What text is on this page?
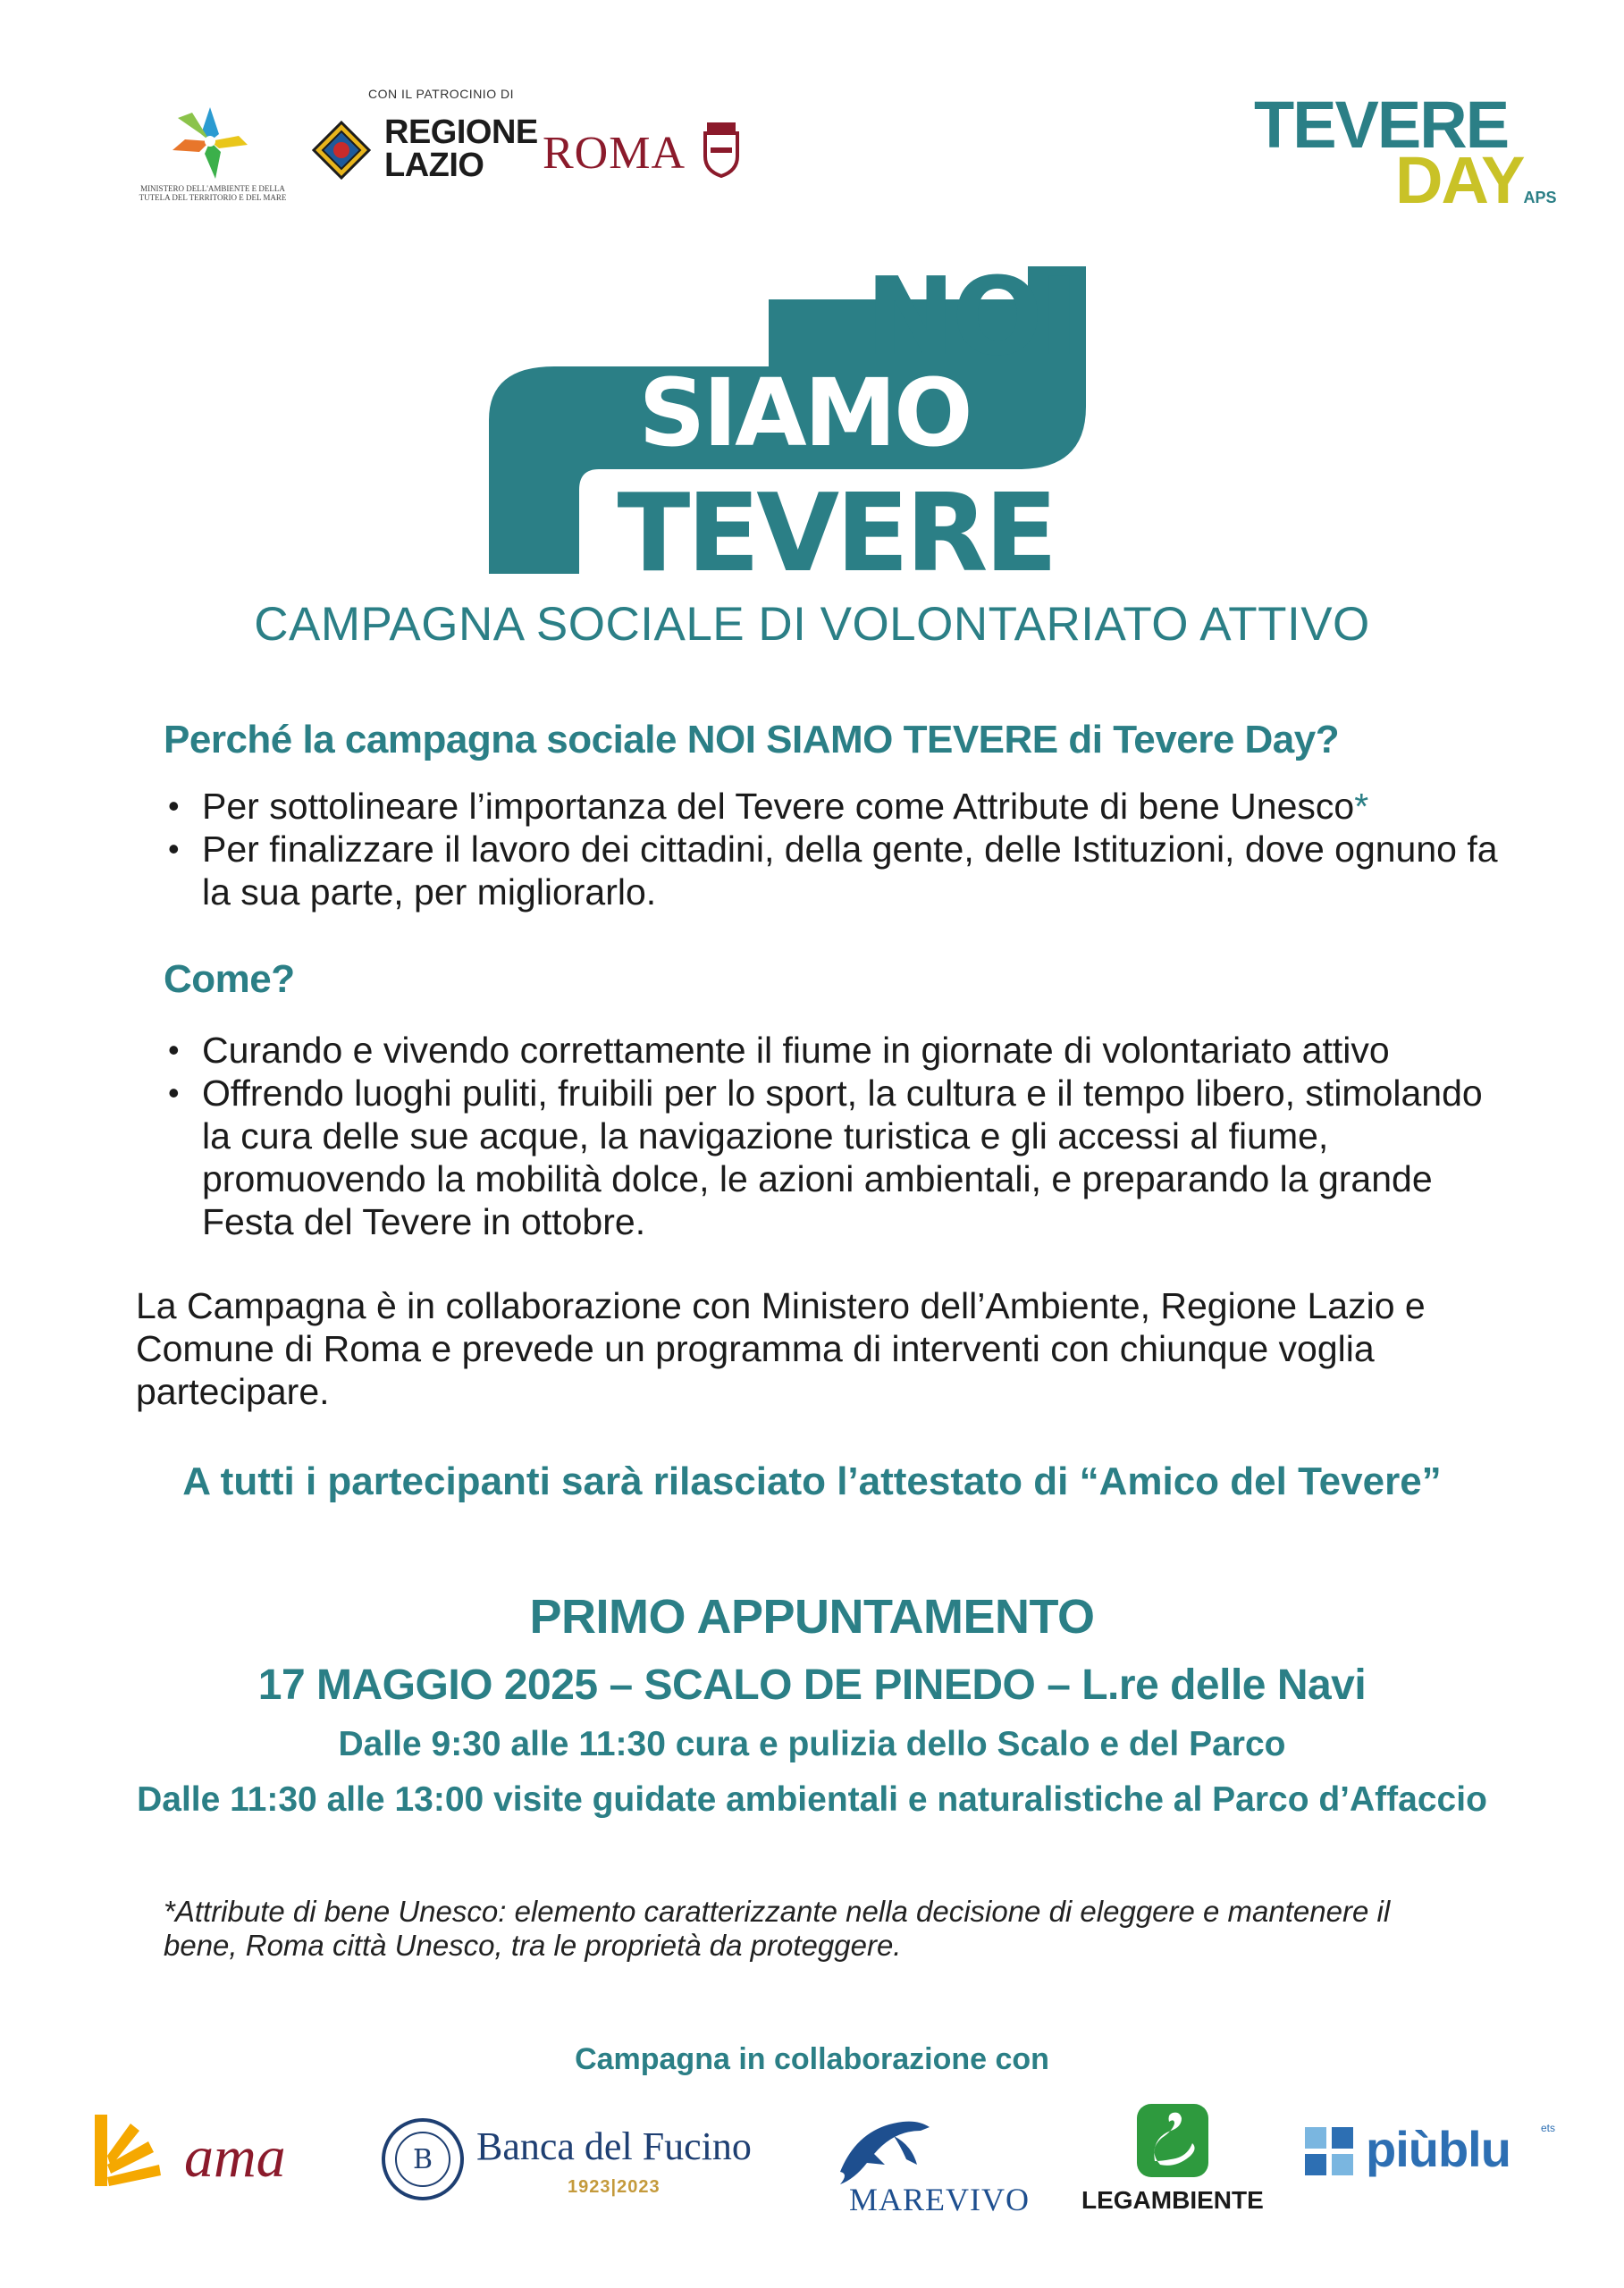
MINISTERO DELL'AMBIENTE E DELLA TUTELA DEL TERRITORIO E DEL MARE
CON IL PATROCINIO DI
REGIONE
LAZIO	ROMA	TEVERE
DAYAPS
NOI
SIAMO
TEVERE
CAMPAGNA SOCIALE DI VOLONTARIATO ATTIVO
Perché la campagna sociale NOI SIAMO TEVERE di Tevere Day?
• Per sottolineare l’importanza del Tevere come Attribute di bene Unesco*
• Per finalizzare il lavoro dei cittadini, della gente, delle Istituzioni, dove ognuno fa
la sua parte, per migliorarlo.
Come?
• Curando e vivendo correttamente il fiume in giornate di volontariato attivo
• Offrendo luoghi puliti, fruibili per lo sport, la cultura e il tempo libero, stimolando
la cura delle sue acque, la navigazione turistica e gli accessi al fiume,
promuovendo la mobilità dolce, le azioni ambientali, e preparando la grande
Festa del Tevere in ottobre.
La Campagna è in collaborazione con Ministero dell’Ambiente, Regione Lazio e
Comune di Roma e prevede un programma di interventi con chiunque voglia
partecipare.
A tutti i partecipanti sarà rilasciato l’attestato di “Amico del Tevere”
PRIMO APPUNTAMENTO
17 MAGGIO 2025 – SCALO DE PINEDO – L.re delle Navi
Dalle 9:30 alle 11:30 cura e pulizia dello Scalo e del Parco
Dalle 11:30 alle 13:00 visite guidate ambientali e naturalistiche al Parco d’Affaccio
*Attribute di bene Unesco: elemento caratterizzante nella decisione di eleggere e mantenere il
bene, Roma città Unesco, tra le proprietà da proteggere.
Campagna in collaborazione con
ama	B Banca del Fucino
1923|2023	MAREVIVO LEGAMBIENTE
piùblu	ets
